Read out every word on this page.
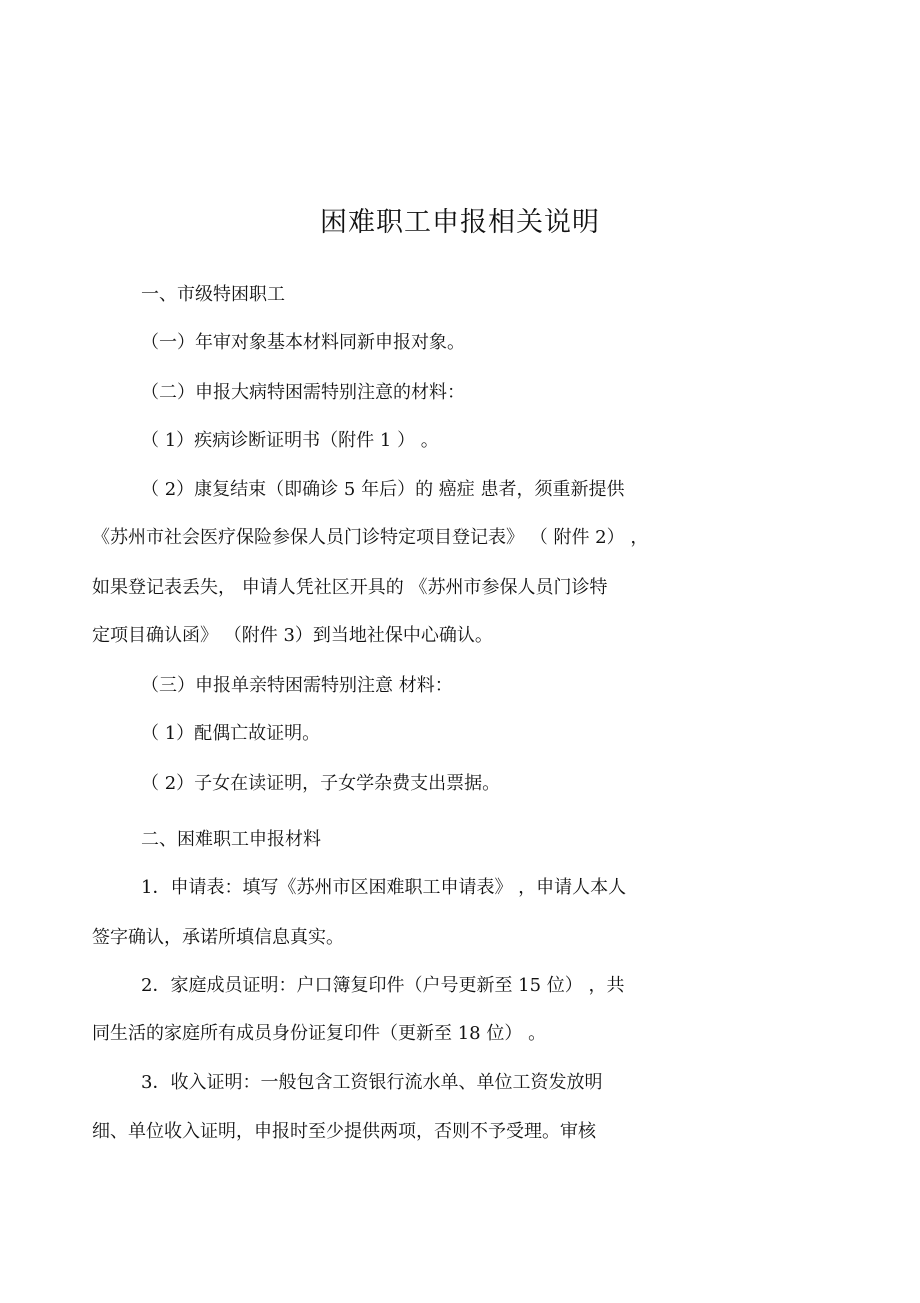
困难职工申报相关说明
一、市级特困职工
（一）年审对象基本材料同新申报对象。
（二）申报大病特困需特别注意的材料：
（ 1）疾病诊断证明书（附件 1 ） 。
（ 2）康复结束（即确诊 5 年后）的 癌症 患者，须重新提供
《苏州市社会医疗保险参保人员门诊特定项目登记表》 （ 附件 2） ，
如果登记表丢失， 申请人凭社区开具的 《苏州市参保人员门诊特
定项目确认函》 （附件 3）到当地社保中心确认。
（三）申报单亲特困需特别注意 材料：
（ 1）配偶亡故证明。
（ 2）子女在读证明，子女学杂费支出票据。
二、困难职工申报材料
1．申请表：填写《苏州市区困难职工申请表》 ，申请人本人
签字确认，承诺所填信息真实。
2．家庭成员证明：户口簿复印件（户号更新至 15 位） ，共
同生活的家庭所有成员身份证复印件（更新至 18 位） 。
3．收入证明：一般包含工资银行流水单、单位工资发放明
细、单位收入证明，申报时至少提供两项，否则不予受理。审核
